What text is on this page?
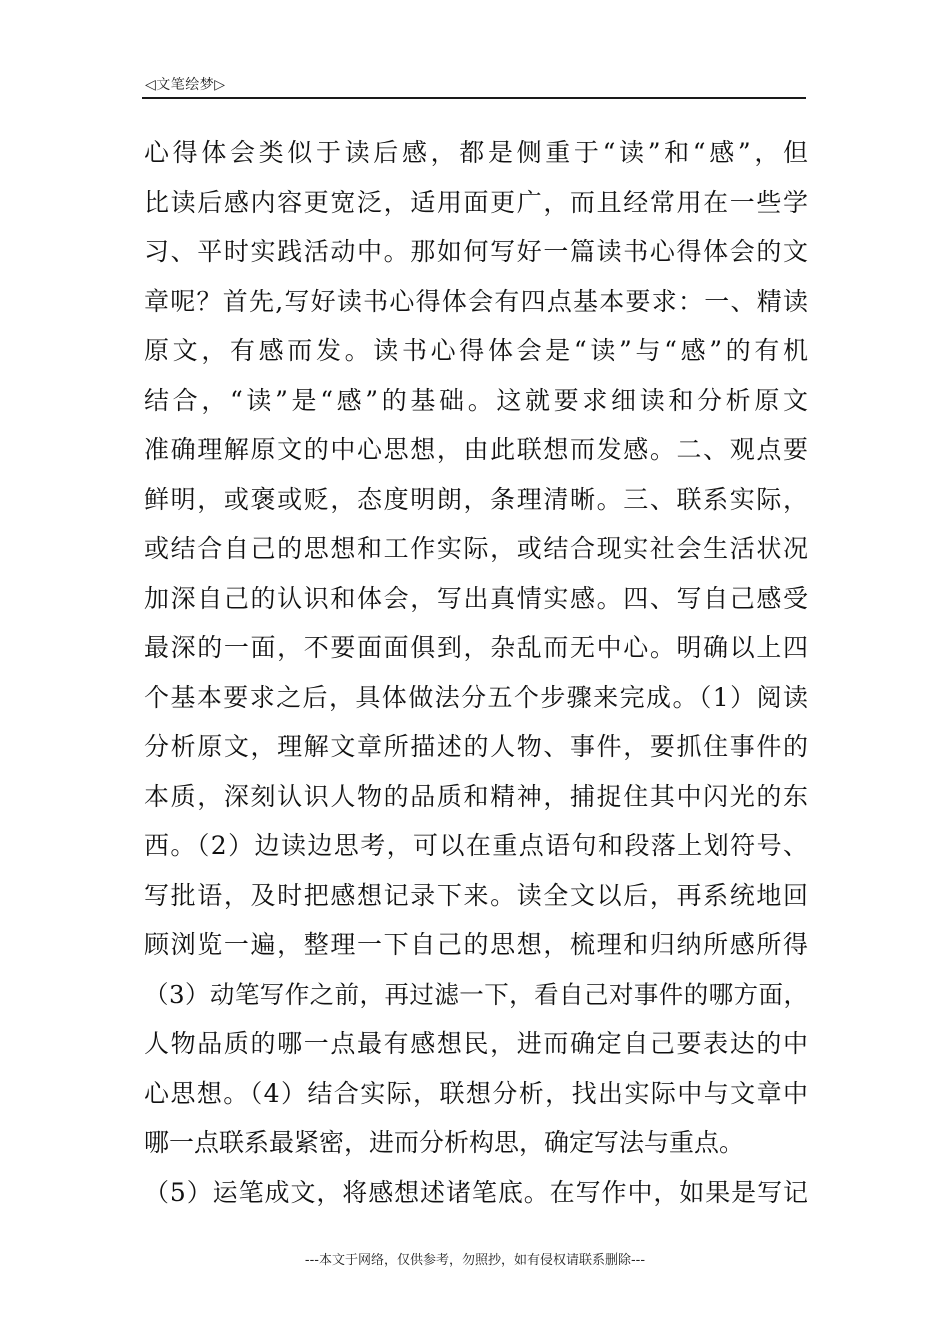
◁文笔绘梦▷
心得体会类似于读后感，都是侧重于“读”和“感”，但
比读后感内容更宽泛，适用面更广，而且经常用在一些学
习、平时实践活动中。那如何写好一篇读书心得体会的文
章呢？首先,写好读书心得体会有四点基本要求：一、精读
原文，有感而发。读书心得体会是“读”与“感”的有机
结合，“读”是“感”的基础。这就要求细读和分析原文
准确理解原文的中心思想，由此联想而发感。二、观点要
鲜明，或褒或贬，态度明朗，条理清晰。三、联系实际，
或结合自己的思想和工作实际，或结合现实社会生活状况
加深自己的认识和体会，写出真情实感。四、写自己感受
最深的一面，不要面面俱到，杂乱而无中心。明确以上四
个基本要求之后，具体做法分五个步骤来完成。（1）阅读
分析原文，理解文章所描述的人物、事件，要抓住事件的
本质，深刻认识人物的品质和精神，捕捉住其中闪光的东
西。（2）边读边思考，可以在重点语句和段落上划符号、
写批语，及时把感想记录下来。读全文以后，再系统地回
顾浏览一遍，整理一下自己的思想，梳理和归纳所感所得
（3）动笔写作之前，再过滤一下，看自己对事件的哪方面，
人物品质的哪一点最有感想民，进而确定自己要表达的中
心思想。（4）结合实际，联想分析，找出实际中与文章中
哪一点联系最紧密，进而分析构思，确定写法与重点。
（5）运笔成文，将感想述诸笔底。在写作中，如果是写记
---本文于网络，仅供参考，勿照抄，如有侵权请联系删除---
